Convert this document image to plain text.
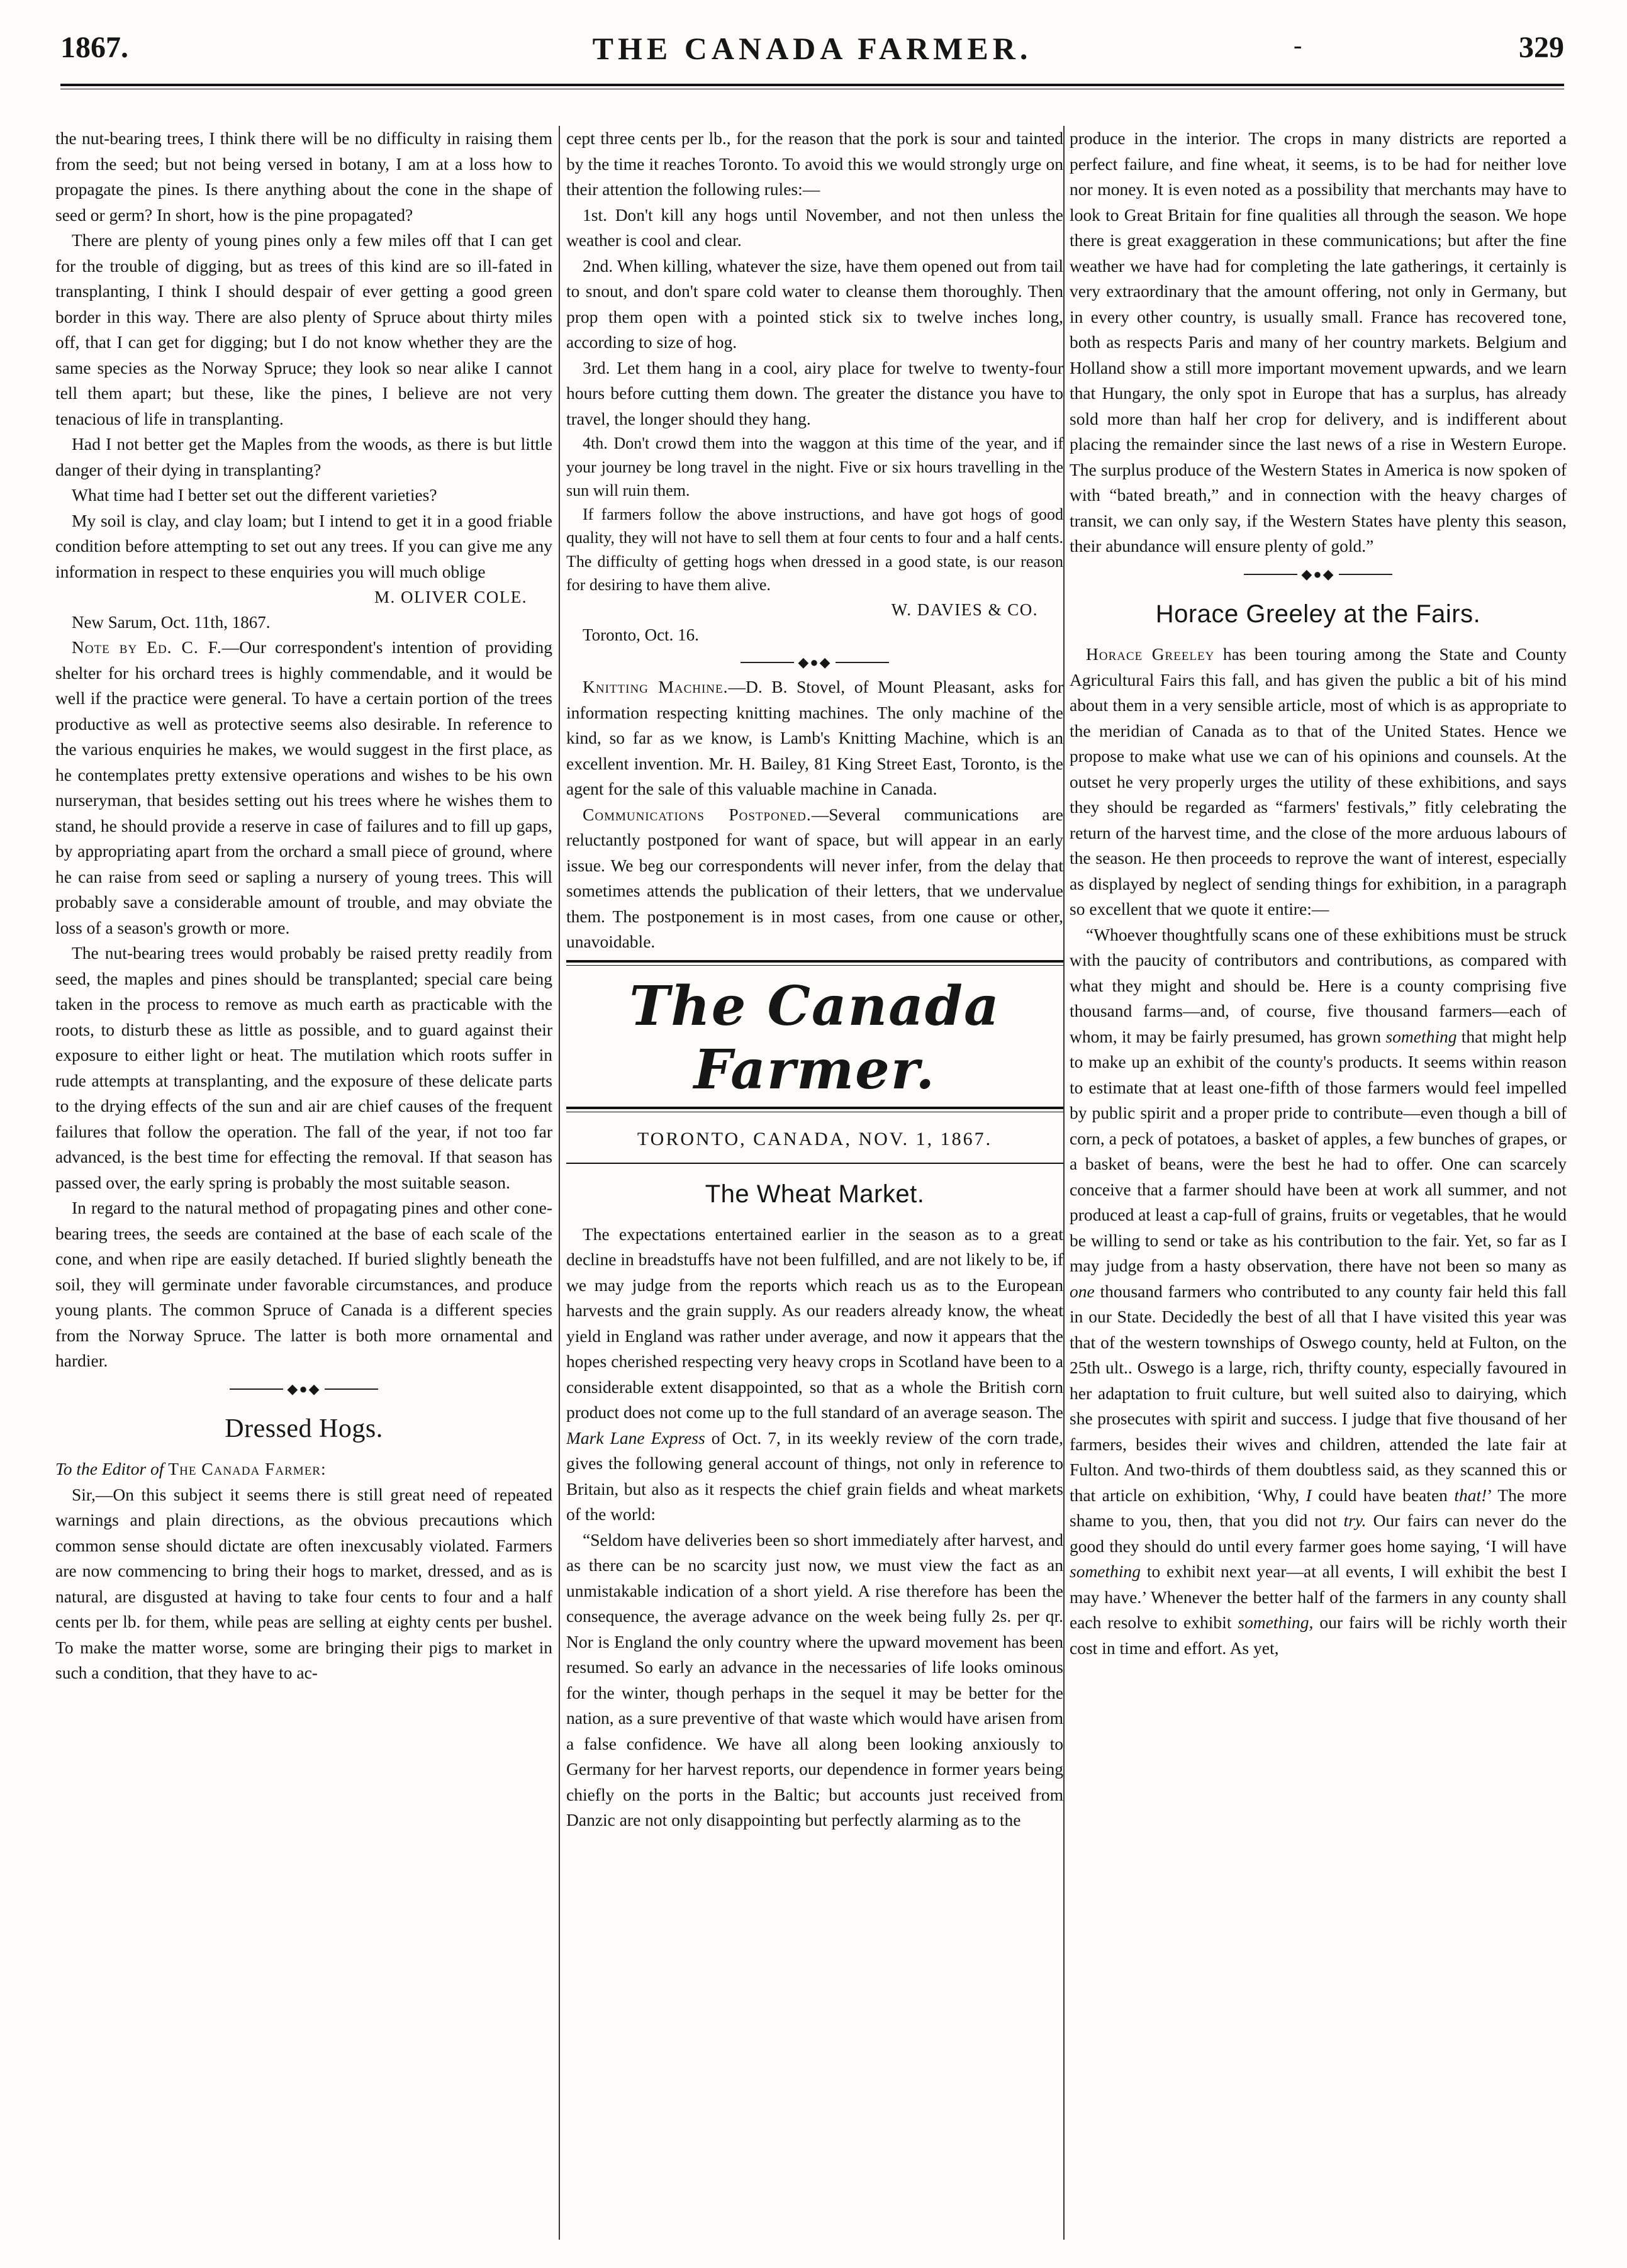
1867.	THE CANADA FARMER.	-	329

the nut-bearing trees, I think there will be no difficulty in raising them from the seed; but not being versed in botany, I am at a loss how to propagate the pines. Is there anything about the cone in the shape of seed or germ? In short, how is the pine propagated?

There are plenty of young pines only a few miles off that I can get for the trouble of digging, but as trees of this kind are so ill-fated in transplanting, I think I should despair of ever getting a good green border in this way. There are also plenty of Spruce about thirty miles off, that I can get for digging; but I do not know whether they are the same species as the Norway Spruce; they look so near alike I cannot tell them apart; but these, like the pines, I believe are not very tenacious of life in transplanting.

Had I not better get the Maples from the woods, as there is but little danger of their dying in transplanting?

What time had I better set out the different varieties?

My soil is clay, and clay loam; but I intend to get it in a good friable condition before attempting to set out any trees. If you can give me any information in respect to these enquiries you will much oblige

M. OLIVER COLE.

New Sarum, Oct. 11th, 1867.

Note by Ed. C. F.—Our correspondent's intention of providing shelter for his orchard trees is highly commendable, and it would be well if the practice were general. To have a certain portion of the trees productive as well as protective seems also desirable. In reference to the various enquiries he makes, we would suggest in the first place, as he contemplates pretty extensive operations and wishes to be his own nurseryman, that besides setting out his trees where he wishes them to stand, he should provide a reserve in case of failures and to fill up gaps, by appropriating apart from the orchard a small piece of ground, where he can raise from seed or sapling a nursery of young trees. This will probably save a considerable amount of trouble, and may obviate the loss of a season's growth or more.

The nut-bearing trees would probably be raised pretty readily from seed, the maples and pines should be transplanted; special care being taken in the process to remove as much earth as practicable with the roots, to disturb these as little as possible, and to guard against their exposure to either light or heat. The mutilation which roots suffer in rude attempts at transplanting, and the exposure of these delicate parts to the drying effects of the sun and air are chief causes of the frequent failures that follow the operation. The fall of the year, if not too far advanced, is the best time for effecting the removal. If that season has passed over, the early spring is probably the most suitable season.

In regard to the natural method of propagating pines and other cone-bearing trees, the seeds are contained at the base of each scale of the cone, and when ripe are easily detached. If buried slightly beneath the soil, they will germinate under favorable circumstances, and produce young plants. The common Spruce of Canada is a different species from the Norway Spruce. The latter is both more ornamental and hardier.

◆●◆
Dressed Hogs.

To the Editor of The Canada Farmer:

Sir,—On this subject it seems there is still great need of repeated warnings and plain directions, as the obvious precautions which common sense should dictate are often inexcusably violated. Farmers are now commencing to bring their hogs to market, dressed, and as is natural, are disgusted at having to take four cents to four and a half cents per lb. for them, while peas are selling at eighty cents per bushel. To make the matter worse, some are bringing their pigs to market in such a condition, that they have to ac-

cept three cents per lb., for the reason that the pork is sour and tainted by the time it reaches Toronto. To avoid this we would strongly urge on their attention the following rules:—

1st. Don't kill any hogs until November, and not then unless the weather is cool and clear.

2nd. When killing, whatever the size, have them opened out from tail to snout, and don't spare cold water to cleanse them thoroughly. Then prop them open with a pointed stick six to twelve inches long, according to size of hog.

3rd. Let them hang in a cool, airy place for twelve to twenty-four hours before cutting them down. The greater the distance you have to travel, the longer should they hang.

4th. Don't crowd them into the waggon at this time of the year, and if your journey be long travel in the night. Five or six hours travelling in the sun will ruin them.

If farmers follow the above instructions, and have got hogs of good quality, they will not have to sell them at four cents to four and a half cents. The difficulty of getting hogs when dressed in a good state, is our reason for desiring to have them alive.

W. DAVIES & CO.

Toronto, Oct. 16.

◆●◆

Knitting Machine.—D. B. Stovel, of Mount Pleasant, asks for information respecting knitting machines. The only machine of the kind, so far as we know, is Lamb's Knitting Machine, which is an excellent invention. Mr. H. Bailey, 81 King Street East, Toronto, is the agent for the sale of this valuable machine in Canada.

Communications Postponed.—Several communications are reluctantly postponed for want of space, but will appear in an early issue. We beg our correspondents will never infer, from the delay that sometimes attends the publication of their letters, that we undervalue them. The postponement is in most cases, from one cause or other, unavoidable.

The Canada Farmer.
TORONTO, CANADA, NOV. 1, 1867.
The Wheat Market.

The expectations entertained earlier in the season as to a great decline in breadstuffs have not been fulfilled, and are not likely to be, if we may judge from the reports which reach us as to the European harvests and the grain supply. As our readers already know, the wheat yield in England was rather under average, and now it appears that the hopes cherished respecting very heavy crops in Scotland have been to a considerable extent disappointed, so that as a whole the British corn product does not come up to the full standard of an average season. The Mark Lane Express of Oct. 7, in its weekly review of the corn trade, gives the following general account of things, not only in reference to Britain, but also as it respects the chief grain fields and wheat markets of the world:

“Seldom have deliveries been so short immediately after harvest, and as there can be no scarcity just now, we must view the fact as an unmistakable indication of a short yield. A rise therefore has been the consequence, the average advance on the week being fully 2s. per qr. Nor is England the only country where the upward movement has been resumed. So early an advance in the necessaries of life looks ominous for the winter, though perhaps in the sequel it may be better for the nation, as a sure preventive of that waste which would have arisen from a false confidence. We have all along been looking anxiously to Germany for her harvest reports, our dependence in former years being chiefly on the ports in the Baltic; but accounts just received from Danzic are not only disappointing but perfectly alarming as to the

produce in the interior. The crops in many districts are reported a perfect failure, and fine wheat, it seems, is to be had for neither love nor money. It is even noted as a possibility that merchants may have to look to Great Britain for fine qualities all through the season. We hope there is great exaggeration in these communications; but after the fine weather we have had for completing the late gatherings, it certainly is very extraordinary that the amount offering, not only in Germany, but in every other country, is usually small. France has recovered tone, both as respects Paris and many of her country markets. Belgium and Holland show a still more important movement upwards, and we learn that Hungary, the only spot in Europe that has a surplus, has already sold more than half her crop for delivery, and is indifferent about placing the remainder since the last news of a rise in Western Europe. The surplus produce of the Western States in America is now spoken of with “bated breath,” and in connection with the heavy charges of transit, we can only say, if the Western States have plenty this season, their abundance will ensure plenty of gold.”

◆●◆
Horace Greeley at the Fairs.

Horace Greeley has been touring among the State and County Agricultural Fairs this fall, and has given the public a bit of his mind about them in a very sensible article, most of which is as appropriate to the meridian of Canada as to that of the United States. Hence we propose to make what use we can of his opinions and counsels. At the outset he very properly urges the utility of these exhibitions, and says they should be regarded as “farmers' festivals,” fitly celebrating the return of the harvest time, and the close of the more arduous labours of the season. He then proceeds to reprove the want of interest, especially as displayed by neglect of sending things for exhibition, in a paragraph so excellent that we quote it entire:—

“Whoever thoughtfully scans one of these exhibitions must be struck with the paucity of contributors and contributions, as compared with what they might and should be. Here is a county comprising five thousand farms—and, of course, five thousand farmers—each of whom, it may be fairly presumed, has grown something that might help to make up an exhibit of the county's products. It seems within reason to estimate that at least one-fifth of those farmers would feel impelled by public spirit and a proper pride to contribute—even though a bill of corn, a peck of potatoes, a basket of apples, a few bunches of grapes, or a basket of beans, were the best he had to offer. One can scarcely conceive that a farmer should have been at work all summer, and not produced at least a cap-full of grains, fruits or vegetables, that he would be willing to send or take as his contribution to the fair. Yet, so far as I may judge from a hasty observation, there have not been so many as one thousand farmers who contributed to any county fair held this fall in our State. Decidedly the best of all that I have visited this year was that of the western townships of Oswego county, held at Fulton, on the 25th ult.. Oswego is a large, rich, thrifty county, especially favoured in her adaptation to fruit culture, but well suited also to dairying, which she prosecutes with spirit and success. I judge that five thousand of her farmers, besides their wives and children, attended the late fair at Fulton. And two-thirds of them doubtless said, as they scanned this or that article on exhibition, ‘Why, I could have beaten that!’ The more shame to you, then, that you did not try. Our fairs can never do the good they should do until every farmer goes home saying, ‘I will have something to exhibit next year—at all events, I will exhibit the best I may have.’ Whenever the better half of the farmers in any county shall each resolve to exhibit something, our fairs will be richly worth their cost in time and effort. As yet,
